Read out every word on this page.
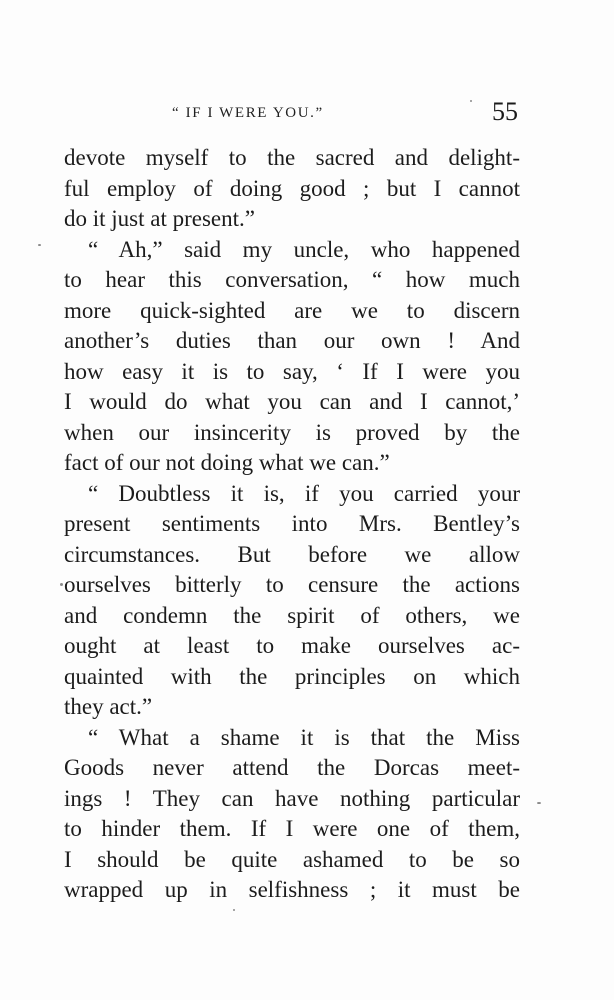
“ IF I WERE YOU.”	55
devote myself to the sacred and delight-
ful employ of doing good ; but I cannot
do it just at present.”
“ Ah,” said my uncle, who happened
to hear this conversation, “ how much
more quick-sighted are we to discern
another’s duties than our own ! And
how easy it is to say, ‘ If I were you
I would do what you can and I cannot,’
when our insincerity is proved by the
fact of our not doing what we can.”
“ Doubtless it is, if you carried your
present sentiments into Mrs. Bentley’s
circumstances. But before we allow
ourselves bitterly to censure the actions
and condemn the spirit of others, we
ought at least to make ourselves ac-
quainted with the principles on which
they act.”
“ What a shame it is that the Miss
Goods never attend the Dorcas meet-
ings ! They can have nothing particular
to hinder them. If I were one of them,
I should be quite ashamed to be so
wrapped up in selfishness ; it must be
